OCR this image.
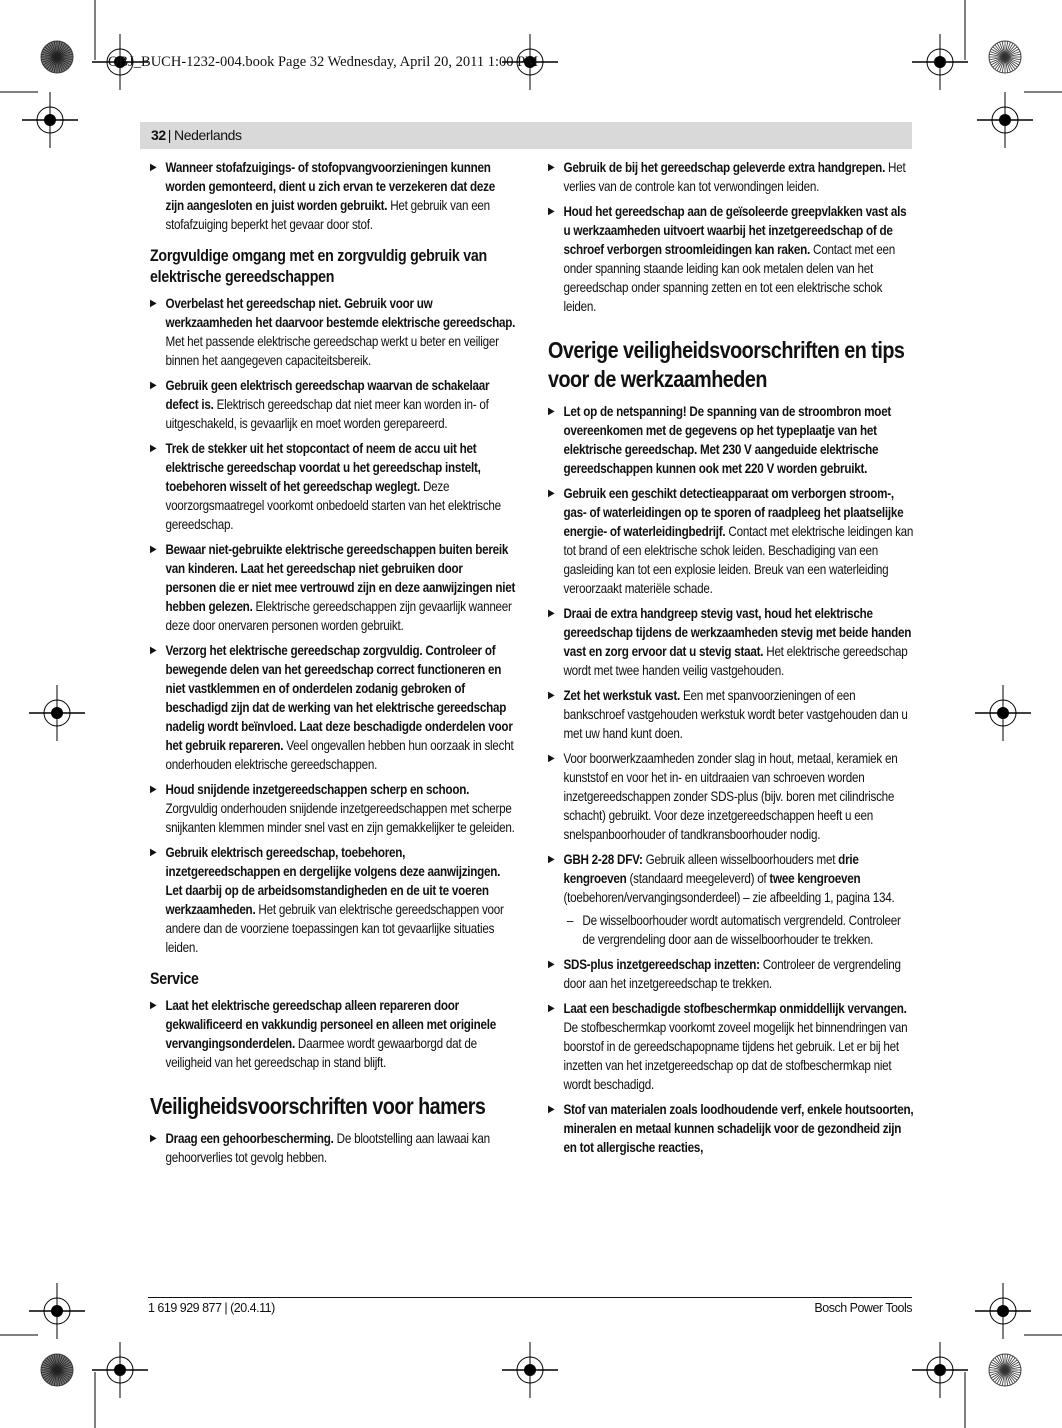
OBJ_BUCH-1232-004.book Page 32 Wednesday, April 20, 2011 1:00 PM
32 | Nederlands
▶ Wanneer stofafzuigings- of stofopvangvoorzieningen kunnen worden gemonteerd, dient u zich ervan te verzekeren dat deze zijn aangesloten en juist worden gebruikt. Het gebruik van een stofafzuiging beperkt het gevaar door stof.
Zorgvuldige omgang met en zorgvuldig gebruik van elektrische gereedschappen
▶ Overbelast het gereedschap niet. Gebruik voor uw werkzaamheden het daarvoor bestemde elektrische gereedschap. Met het passende elektrische gereedschap werkt u beter en veiliger binnen het aangegeven capaciteitsbereik.
▶ Gebruik geen elektrisch gereedschap waarvan de schakelaar defect is. Elektrisch gereedschap dat niet meer kan worden in- of uitgeschakeld, is gevaarlijk en moet worden gerepareerd.
▶ Trek de stekker uit het stopcontact of neem de accu uit het elektrische gereedschap voordat u het gereedschap instelt, toebehoren wisselt of het gereedschap weglegt. Deze voorzorgsmaatregel voorkomt onbedoeld starten van het elektrische gereedschap.
▶ Bewaar niet-gebruikte elektrische gereedschappen buiten bereik van kinderen. Laat het gereedschap niet gebruiken door personen die er niet mee vertrouwd zijn en deze aanwijzingen niet hebben gelezen. Elektrische gereedschappen zijn gevaarlijk wanneer deze door onervaren personen worden gebruikt.
▶ Verzorg het elektrische gereedschap zorgvuldig. Controleer of bewegende delen van het gereedschap correct functioneren en niet vastklemmen en of onderdelen zodanig gebroken of beschadigd zijn dat de werking van het elektrische gereedschap nadelig wordt beïnvloed. Laat deze beschadigde onderdelen voor het gebruik repareren. Veel ongevallen hebben hun oorzaak in slecht onderhouden elektrische gereedschappen.
▶ Houd snijdende inzetgereedschappen scherp en schoon. Zorgvuldig onderhouden snijdende inzetgereedschappen met scherpe snijkanten klemmen minder snel vast en zijn gemakkelijker te geleiden.
▶ Gebruik elektrisch gereedschap, toebehoren, inzetgereedschappen en dergelijke volgens deze aanwijzingen. Let daarbij op de arbeidsomstandigheden en de uit te voeren werkzaamheden. Het gebruik van elektrische gereedschappen voor andere dan de voorziene toepassingen kan tot gevaarlijke situaties leiden.
Service
▶ Laat het elektrische gereedschap alleen repareren door gekwalificeerd en vakkundig personeel en alleen met originele vervangingsonderdelen. Daarmee wordt gewaarborgd dat de veiligheid van het gereedschap in stand blijft.
Veiligheidsvoorschriften voor hamers
▶ Draag een gehoorbescherming. De blootstelling aan lawaai kan gehoorverlies tot gevolg hebben.
▶ Gebruik de bij het gereedschap geleverde extra handgrepen. Het verlies van de controle kan tot verwondingen leiden.
▶ Houd het gereedschap aan de geïsoleerde greepvlakken vast als u werkzaamheden uitvoert waarbij het inzetgereedschap of de schroef verborgen stroomleidingen kan raken. Contact met een onder spanning staande leiding kan ook metalen delen van het gereedschap onder spanning zetten en tot een elektrische schok leiden.
Overige veiligheidsvoorschriften en tips voor de werkzaamheden
▶ Let op de netspanning! De spanning van de stroombron moet overeenkomen met de gegevens op het typeplaatje van het elektrische gereedschap. Met 230 V aangeduide elektrische gereedschappen kunnen ook met 220 V worden gebruikt.
▶ Gebruik een geschikt detectieapparaat om verborgen stroom-, gas- of waterleidingen op te sporen of raadpleeg het plaatselijke energie- of waterleidingbedrijf. Contact met elektrische leidingen kan tot brand of een elektrische schok leiden. Beschadiging van een gasleiding kan tot een explosie leiden. Breuk van een waterleiding veroorzaakt materiële schade.
▶ Draai de extra handgreep stevig vast, houd het elektrische gereedschap tijdens de werkzaamheden stevig met beide handen vast en zorg ervoor dat u stevig staat. Het elektrische gereedschap wordt met twee handen veilig vastgehouden.
▶ Zet het werkstuk vast. Een met spanvoorzieningen of een bankschroef vastgehouden werkstuk wordt beter vastgehouden dan u met uw hand kunt doen.
▶ Voor boorwerkzaamheden zonder slag in hout, metaal, keramiek en kunststof en voor het in- en uitdraaien van schroeven worden inzetgereedschappen zonder SDS-plus (bijv. boren met cilindrische schacht) gebruikt. Voor deze inzetgereedschappen heeft u een snelspanboorhouder of tandkransboorhouder nodig.
▶ GBH 2-28 DFV: Gebruik alleen wisselboorhouders met drie kengroeven (standaard meegeleverd) of twee kengroeven (toebehoren/vervangingsonderdeel) – zie afbeelding 1, pagina 134.
– De wisselboorhouder wordt automatisch vergrendeld. Controleer de vergrendeling door aan de wisselboorhouder te trekken.
▶ SDS-plus inzetgereedschap inzetten: Controleer de vergrendeling door aan het inzetgereedschap te trekken.
▶ Laat een beschadigde stofbeschermkap onmiddellijk vervangen. De stofbeschermkap voorkomt zoveel mogelijk het binnendringen van boorstof in de gereedschapopname tijdens het gebruik. Let er bij het inzetten van het inzetgereedschap op dat de stofbeschermkap niet wordt beschadigd.
▶ Stof van materialen zoals loodhoudende verf, enkele houtsoorten, mineralen en metaal kunnen schadelijk voor de gezondheid zijn en tot allergische reacties,
1 619 929 877 | (20.4.11)	Bosch Power Tools
